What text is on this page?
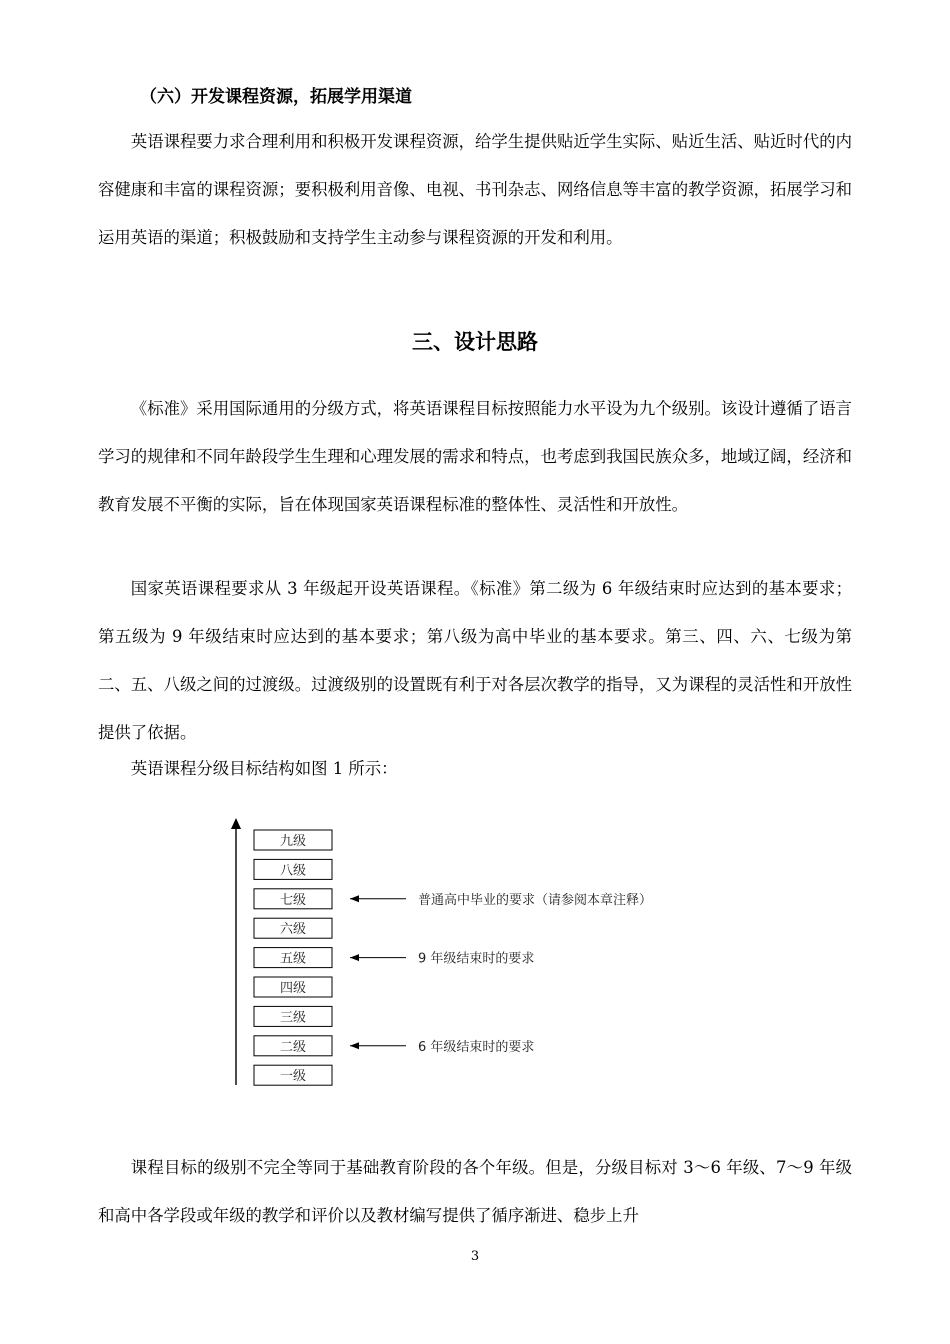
（六）开发课程资源，拓展学用渠道

英语课程要力求合理利用和积极开发课程资源，给学生提供贴近学生实际、贴近生活、贴近时代的内容健康和丰富的课程资源；要积极利用音像、电视、书刊杂志、网络信息等丰富的教学资源，拓展学习和运用英语的渠道；积极鼓励和支持学生主动参与课程资源的开发和利用。

三、设计思路

《标准》采用国际通用的分级方式，将英语课程目标按照能力水平设为九个级别。该设计遵循了语言学习的规律和不同年龄段学生生理和心理发展的需求和特点，也考虑到我国民族众多，地域辽阔，经济和教育发展不平衡的实际，旨在体现国家英语课程标准的整体性、灵活性和开放性。

国家英语课程要求从 3 年级起开设英语课程。《标准》第二级为 6 年级结束时应达到的基本要求；第五级为 9 年级结束时应达到的基本要求；第八级为高中毕业的基本要求。第三、四、六、七级为第二、五、八级之间的过渡级。过渡级别的设置既有利于对各层次教学的指导，又为课程的灵活性和开放性提供了依据。

英语课程分级目标结构如图 1 所示：

九级
八级
七级
六级
五级
四级
三级
二级
一级
普通高中毕业的要求（请参阅本章注释）
9 年级结束时的要求
6 年级结束时的要求

课程目标的级别不完全等同于基础教育阶段的各个年级。但是，分级目标对 3～6 年级、7～9 年级和高中各学段或年级的教学和评价以及教材编写提供了循序渐进、稳步上升

3
